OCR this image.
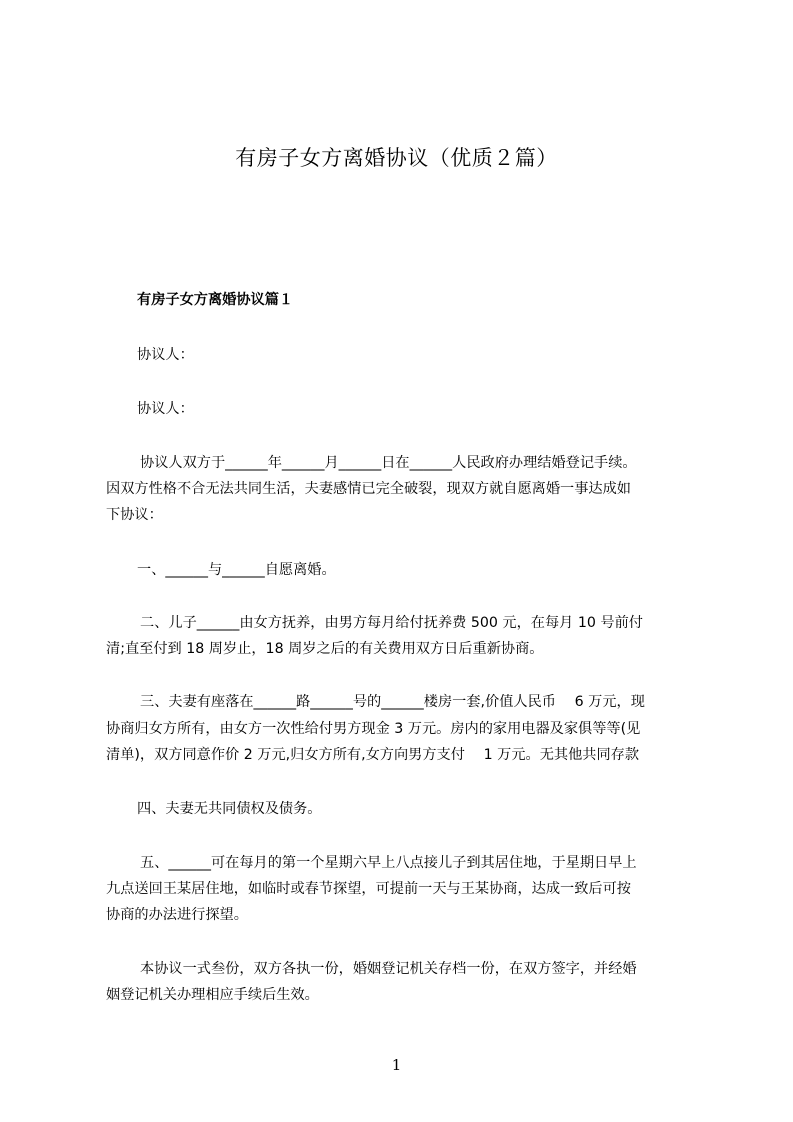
有房子女方离婚协议（优质２篇）
有房子女方离婚协议篇１
协议人：
协议人：
协议人双方于______年______月______日在______人民政府办理结婚登记手续。
因双方性格不合无法共同生活，夫妻感情已完全破裂，现双方就自愿离婚一事达成如
下协议：
一、______与______自愿离婚。
二、儿子______由女方抚养，由男方每月给付抚养费 500 元，在每月 10 号前付
清;直至付到 18 周岁止，18 周岁之后的有关费用双方日后重新协商。
三、夫妻有座落在______路______号的______楼房一套,价值人民币　 6 万元，现
协商归女方所有，由女方一次性给付男方现金 3 万元。房内的家用电器及家俱等等(见
清单)，双方同意作价 2 万元,归女方所有,女方向男方支付　 1 万元。无其他共同存款
四、夫妻无共同债权及债务。
五、______可在每月的第一个星期六早上八点接儿子到其居住地，于星期日早上
九点送回王某居住地，如临时或春节探望，可提前一天与王某协商，达成一致后可按
协商的办法进行探望。
本协议一式叁份，双方各执一份，婚姻登记机关存档一份，在双方签字，并经婚
姻登记机关办理相应手续后生效。
1
